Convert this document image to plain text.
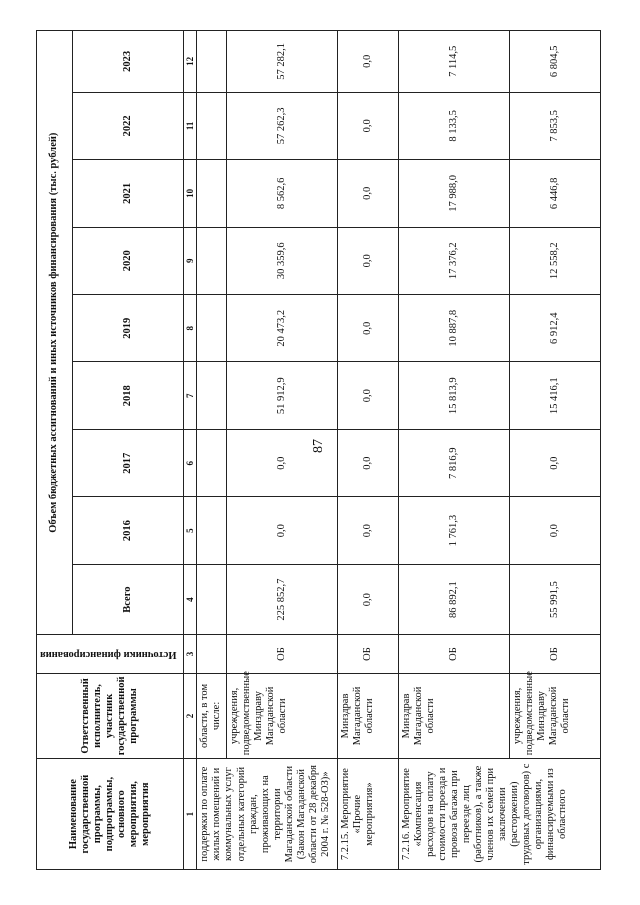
87
Наименование государственной программы, подпрограммы, основного мероприятия, мероприятия	Ответственный исполнитель, участник государственной программы	Источники финансирования	Объем бюджетных ассигнований и иных источников финансирования (тыс. рублей)								
			Всего	2016	2017	2018	2019	2020	2021	2022	2023
1	2	3	4	5	6	7	8	9	10	11	12
поддержки по оплате жилых помещений и коммунальных услуг отдельных категорий граждан, проживающих на территории Магаданской области (Закон Магаданской области от 28 декабря 2004 г. № 528-ОЗ)»	области, в том числе:										
	учреждения, подведомственные Минздраву Магаданской области	ОБ	225 852,7	0,0	0,0	51 912,9	20 473,2	30 359,6	8 562,6	57 262,3	57 282,1
7.2.15. Мероприятие «Прочие мероприятия»	Минздрав Магаданской области	ОБ	0,0	0,0	0,0	0,0	0,0	0,0	0,0	0,0	0,0
7.2.16. Мероприятие «Компенсация расходов на оплату стоимости проезда и провоза багажа при переезде лиц (работников), а также членов их семей при заключении (расторжении) трудовых договоров) с организациями, финансируемыми из областного	Минздрав Магаданской области	ОБ	86 892,1	1 761,3	7 816,9	15 813,9	10 887,8	17 376,2	17 988,0	8 133,5	7 114,5
	учреждения, подведомственные Минздраву Магаданской области	ОБ	55 991,5	0,0	0,0	15 416,1	6 912,4	12 558,2	6 446,8	7 853,5	6 804,5
